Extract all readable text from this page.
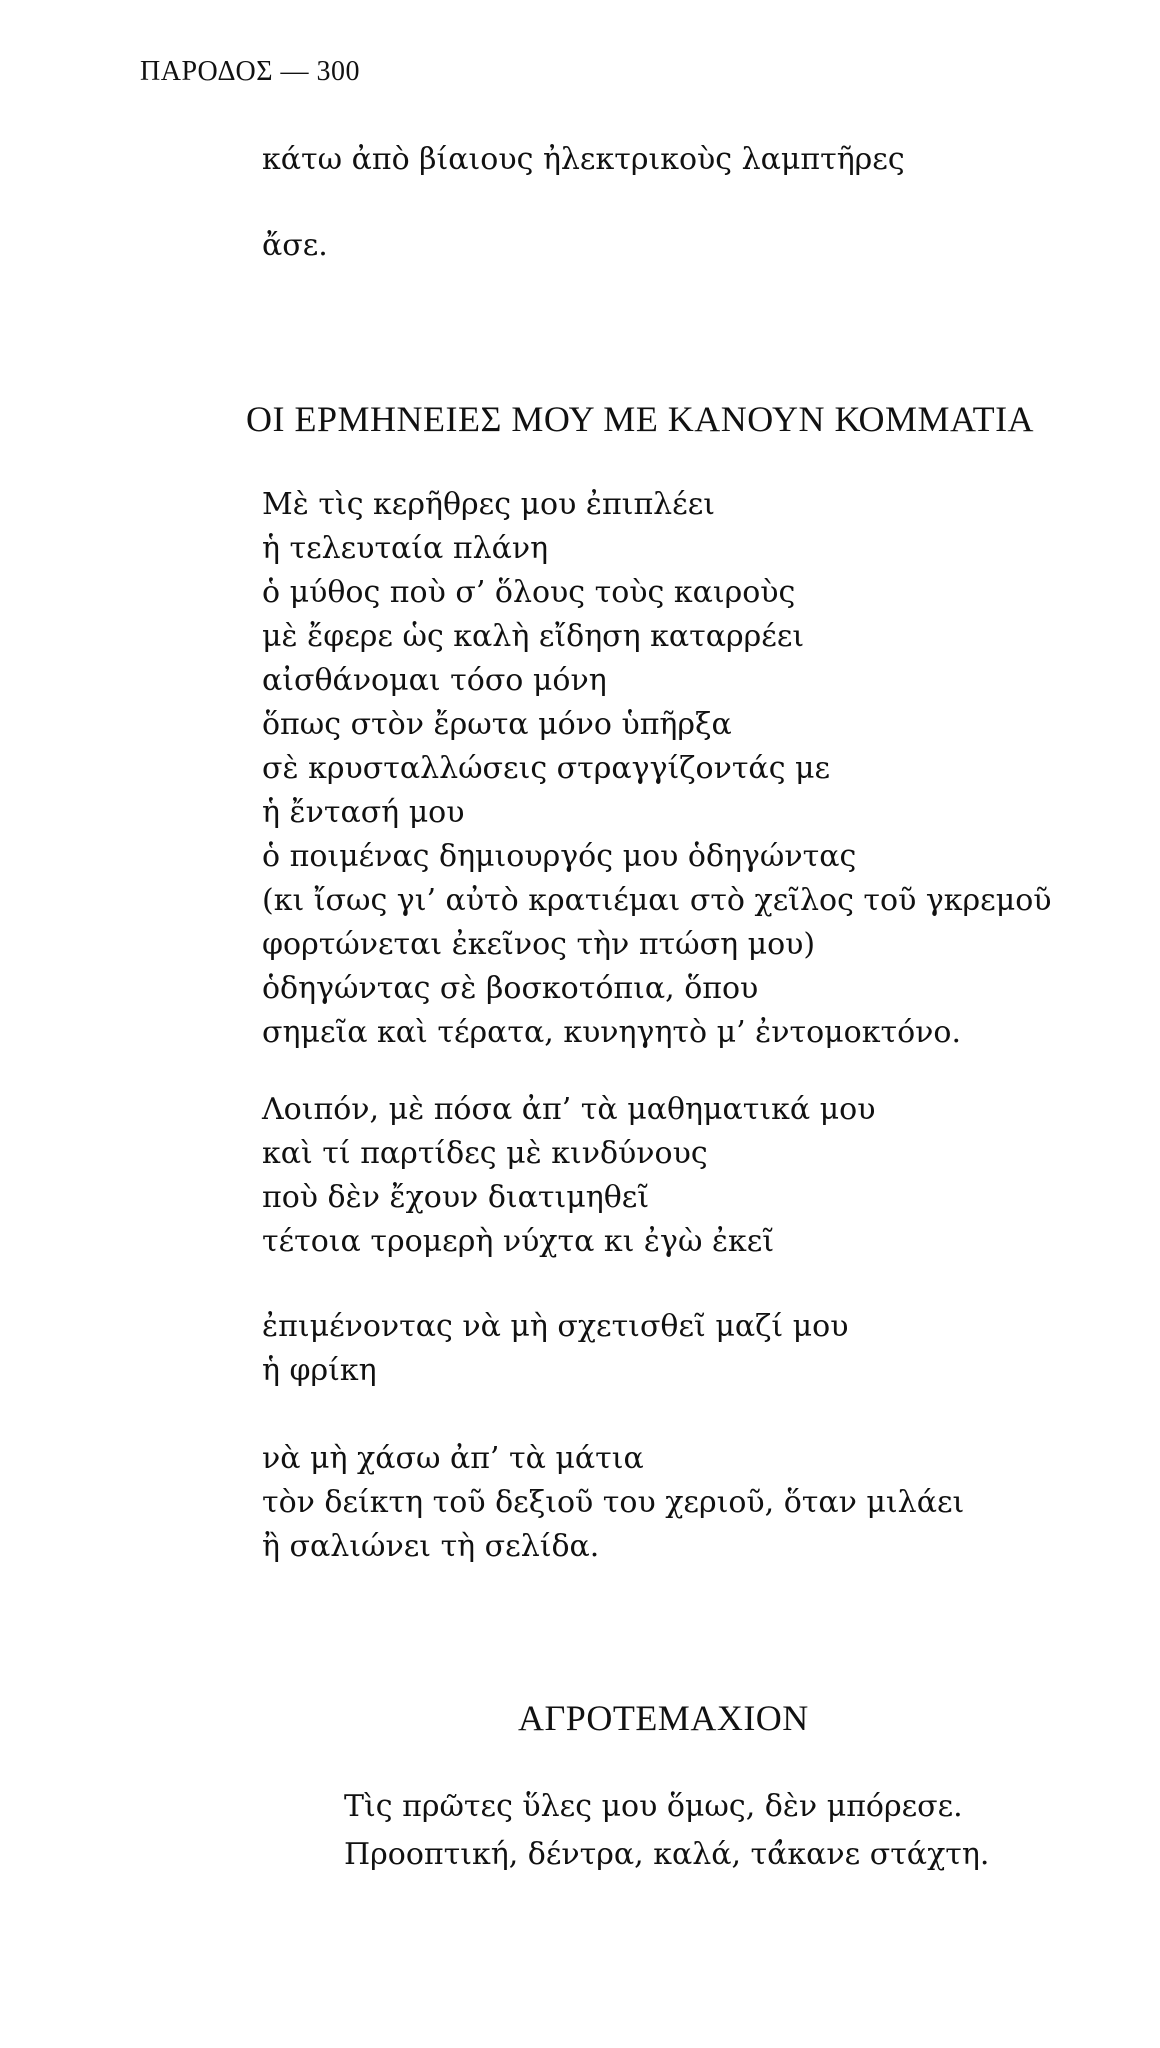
ΠΑΡΟΔΟΣ — 300
κάτω ἀπὸ βίαιους ἠλεκτρικοὺς λαμπτῆρες
ἄσε.
ΟΙ ΕΡΜΗΝΕΙΕΣ ΜΟΥ ΜΕ ΚΑΝΟΥΝ ΚΟΜΜΑΤΙΑ
Μὲ τὶς κερῆθρες μου ἐπιπλέει
ἡ τελευταία πλάνη
ὁ μύθος ποὺ σ’ ὅλους τοὺς καιροὺς
μὲ ἔφερε ὡς καλὴ εἴδηση καταρρέει
αἰσθάνομαι τόσο μόνη
ὅπως στὸν ἔρωτα μόνο ὑπῆρξα
σὲ κρυσταλλώσεις στραγγίζοντάς με
ἡ ἔντασή μου
ὁ ποιμένας δημιουργός μου ὁδηγώντας
(κι ἴσως γι’ αὐτὸ κρατιέμαι στὸ χεῖλος τοῦ γκρεμοῦ
φορτώνεται ἐκεῖνος τὴν πτώση μου)
ὁδηγώντας σὲ βοσκοτόπια, ὅπου
σημεῖα καὶ τέρατα, κυνηγητὸ μ’ ἐντομοκτόνο.
Λοιπόν, μὲ πόσα ἀπ’ τὰ μαθηματικά μου
καὶ τί παρτίδες μὲ κινδύνους
ποὺ δὲν ἔχουν διατιμηθεῖ
τέτοια τρομερὴ νύχτα κι ἐγὼ ἐκεῖ
ἐπιμένοντας νὰ μὴ σχετισθεῖ μαζί μου
ἡ φρίκη
νὰ μὴ χάσω ἀπ’ τὰ μάτια
τὸν δείκτη τοῦ δεξιοῦ του χεριοῦ, ὅταν μιλάει
ἢ σαλιώνει τὴ σελίδα.
ΑΓΡΟΤΕΜΑΧΙΟΝ
Τὶς πρῶτες ὕλες μου ὅμως, δὲν μπόρεσε.
Προοπτική, δέντρα, καλά, τά̓κανε στάχτη.
